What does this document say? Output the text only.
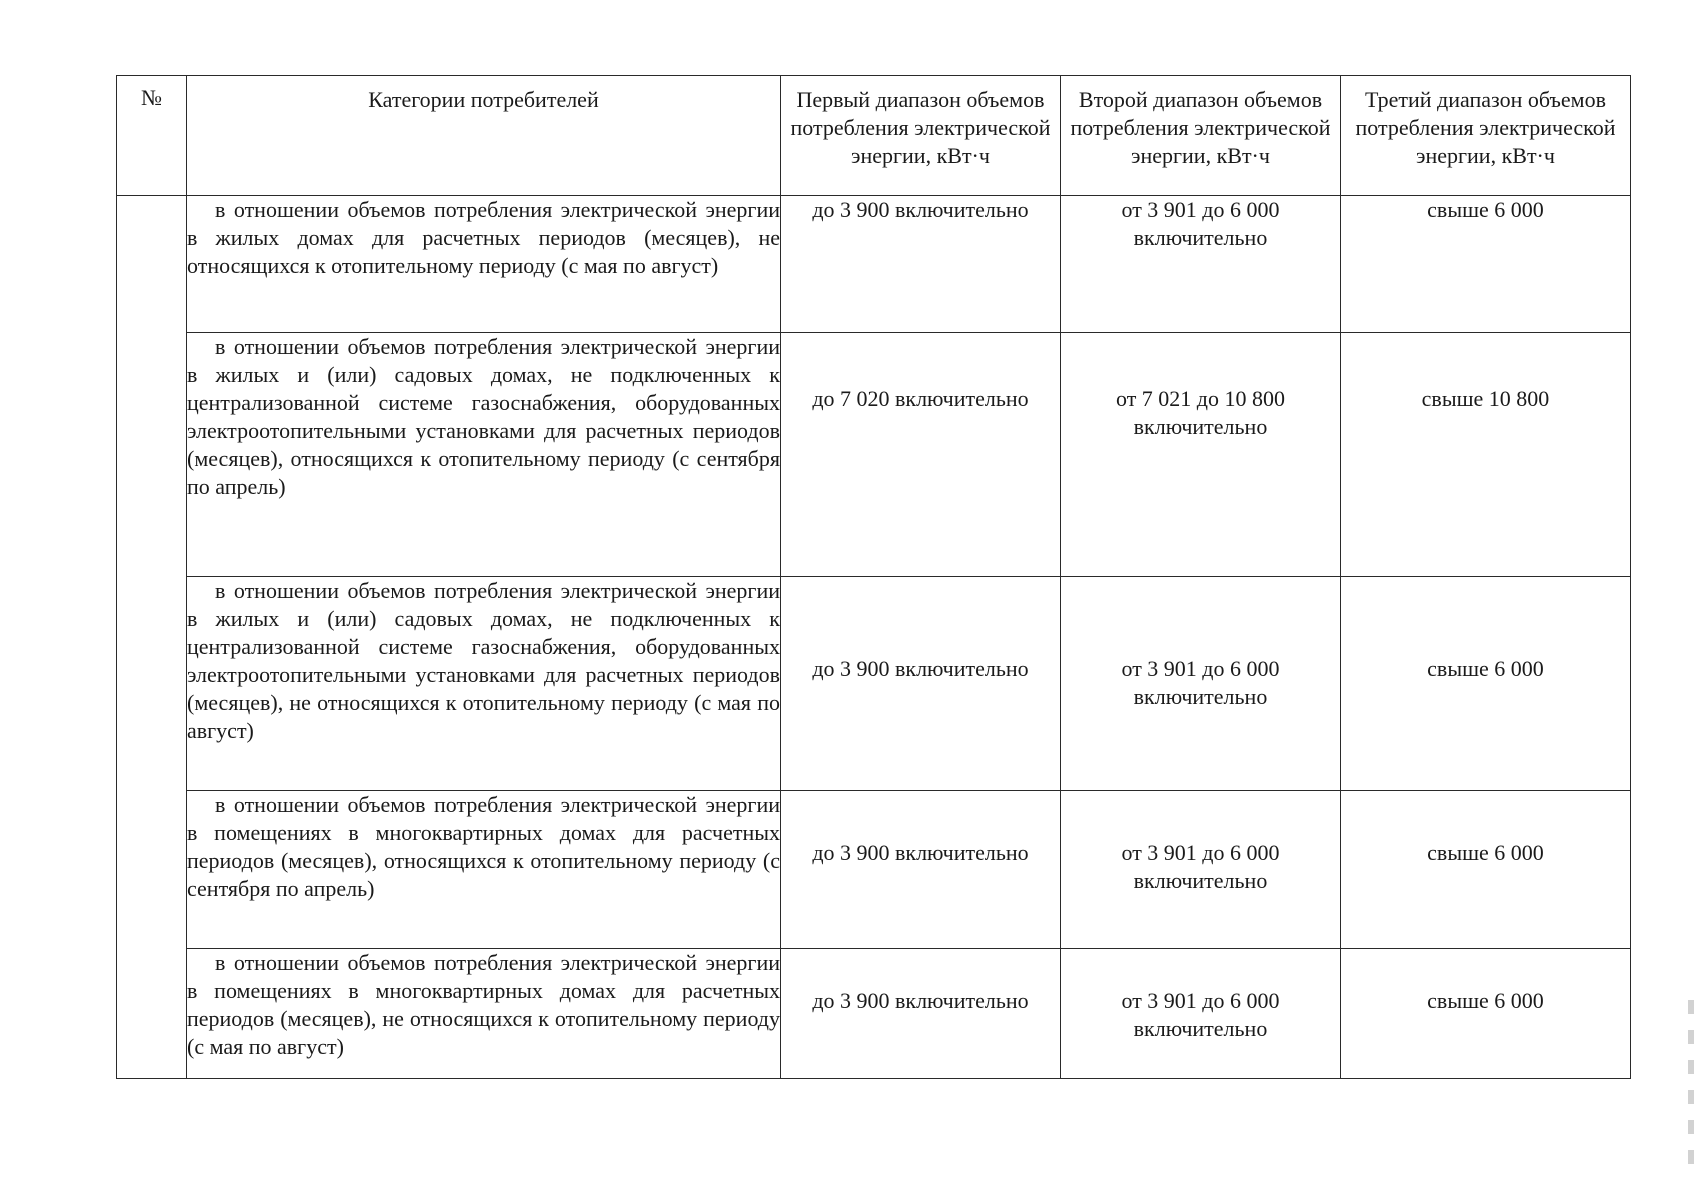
№	Категории потребителей	Первый диапазон объемов потребления электрической энергии, кВт·ч	Второй диапазон объемов потребления электрической энергии, кВт·ч	Третий диапазон объемов потребления электрической энергии, кВт·ч
	в отношении объемов потребления электрической энергии в жилых домах для расчетных периодов (месяцев), не относящихся к отопительному периоду (с мая по август)	до 3 900 включительно	от 3 901 до 6 000 включительно	свыше 6 000
	в отношении объемов потребления электрической энергии в жилых и (или) садовых домах, не подключенных к централизованной системе газоснабжения, оборудованных электроотопительными установками для расчетных периодов (месяцев), относящихся к отопительному периоду (с сентября по апрель)	до 7 020 включительно	от 7 021 до 10 800 включительно	свыше 10 800
	в отношении объемов потребления электрической энергии в жилых и (или) садовых домах, не подключенных к централизованной системе газоснабжения, оборудованных электроотопительными установками для расчетных периодов (месяцев), не относящихся к отопительному периоду (с мая по август)	до 3 900 включительно	от 3 901 до 6 000 включительно	свыше 6 000
	в отношении объемов потребления электрической энергии в помещениях в многоквартирных домах для расчетных периодов (месяцев), относящихся к отопительному периоду (с сентября по апрель)	до 3 900 включительно	от 3 901 до 6 000 включительно	свыше 6 000
	в отношении объемов потребления электрической энергии в помещениях в многоквартирных домах для расчетных периодов (месяцев), не относящихся к отопительному периоду (с мая по август)	до 3 900 включительно	от 3 901 до 6 000 включительно	свыше 6 000
